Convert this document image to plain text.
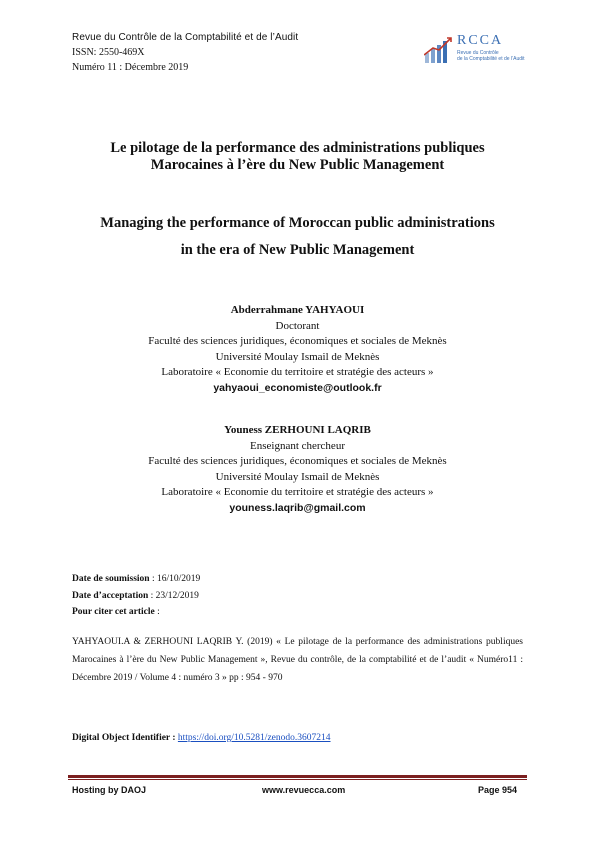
Revue du Contrôle de la Comptabilité et de l’Audit
ISSN: 2550-469X
Numéro 11 : Décembre 2019
RCCA
Revue du Contrôle
de la Comptabilité et de l’Audit
Le pilotage de la performance des administrations publiques
Marocaines à l’ère du New Public Management
Managing the performance of Moroccan public administrations
in the era of New Public Management
Abderrahmane YAHYAOUI
Doctorant
Faculté des sciences juridiques, économiques et sociales de Meknès
Université Moulay Ismail de Meknès
Laboratoire « Economie du territoire et stratégie des acteurs »
yahyaoui_economiste@outlook.fr
Youness ZERHOUNI LAQRIB
Enseignant chercheur
Faculté des sciences juridiques, économiques et sociales de Meknès
Université Moulay Ismail de Meknès
Laboratoire « Economie du territoire et stratégie des acteurs »
youness.laqrib@gmail.com
Date de soumission : 16/10/2019
Date d’acceptation : 23/12/2019
Pour citer cet article :
YAHYAOUI.A & ZERHOUNI LAQRIB Y. (2019) « Le pilotage de la performance des administrations publiques Marocaines à l’ère du New Public Management », Revue du contrôle, de la comptabilité et de l’audit « Numéro11 : Décembre 2019 / Volume 4 : numéro 3 » pp : 954 - 970
Digital Object Identifier : https://doi.org/10.5281/zenodo.3607214
Hosting by DAOJ	www.revuecca.com	Page 954
